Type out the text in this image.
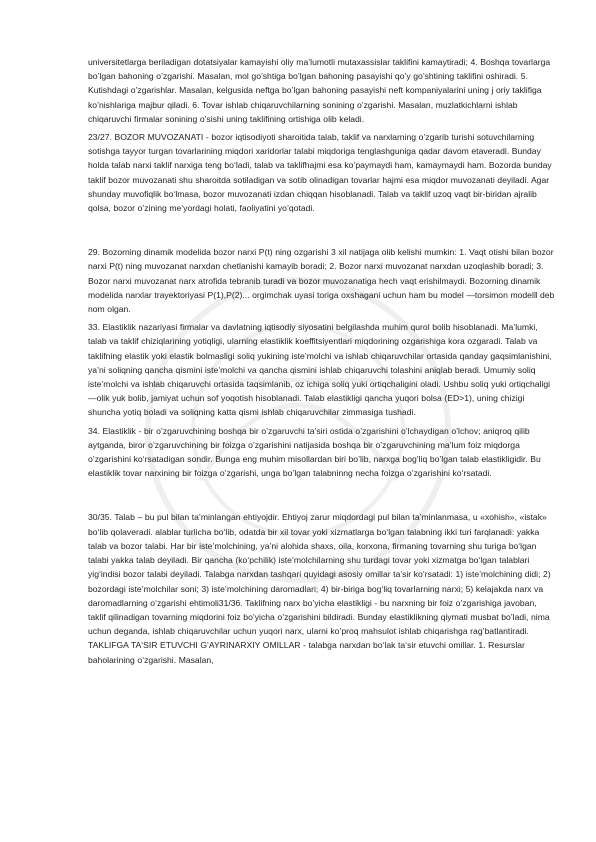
universitetlarga beriladigan dotatsiyalar kamayishi oliy ma’lumotli mutaxassislar taklifini kamaytiradi; 4. Boshqa tovarlarga bo’lgan bahoning o’zgarishi. Masalan, mol go’shtiga bo’lgan bahoning pasayishi qo’y go’shtining taklifini oshiradi. 5. Kutishdagi o’zgarishlar. Masalan, kelgusida neftga bo’lgan bahoning pasayishi neft kompaniyalarini uning j oriy taklifiga ko’nishlariga majbur qiladi. 6. Tovar ishlab chiqaruvchilarning sonining o’zgarishi. Masalan, muzlatkichlarni ishlab chiqaruvchi firmalar sonining o’sishi uning taklifining ortishiga olib keladi.

23/27. BOZOR MUVOZANATI - bozor iqtisodiyoti sharoitida talab, taklif va narxlarning o’zgarib turishi sotuvchilarning sotishga tayyor turgan tovarlarining miqdori xaridorlar talabi miqdoriga tenglashguniga qadar davom etaveradi. Bunday holda talab narxi taklif narxiga teng bo‘ladi, talab va taklifhajmi esa ko’paymaydi ham, kamaymaydi ham. Bozorda bunday taklif bozor muvozanati shu sharoitda sotiladigan va sotib olinadigan tovarlar hajmi esa miqdor muvozanati deyiladi. Agar shunday muvofiqlik bo‘lmasa, bozor muvozanati izdan chiqqan hisoblanadi. Talab va taklif uzoq vaqt bir-biridan ajralib qolsa, bozor o’zining me’yordagi holati, faoliyatini yo’qotadi.

29. Bozorning dinamik modelida bozor narxi P(t) ning ozgarishi 3 xil natijaga olib kelishi mumkin: 1. Vaqt otishi bilan bozor narxi P(t) ning muvozanat narxdan chetlanishi kamayib boradi; 2. Bozor narxi muvozanat narxdan uzoqlashib boradi; 3. Bozor narxi muvozanat narx atrofida tebranib turadi va bozor muvozanatiga hech vaqt erishilmaydi. Bozorning dinamik modelida narxlar trayektoriyasi P(1),P(2)... orgimchak uyasi toriga oxshagani uchun ham bu model —torsimon model‖ deb nom olgan.

33. Elastiklik nazariyasi firmalar va davlatning iqtisodiy siyosatini belgilashda muhim qurol bolib hisoblanadi. Ma’lumki, talab va taklif chiziqlarining yotiqligi, ularning elastiklik koeffitsiyentlari miqdorining ozgarishiga kora ozgaradi. Talab va taklifning elastik yoki elastik bolmasligi soliq yukining iste’molchi va ishlab chiqaruvchilar ortasida qanday gaqsimlanishini, ya’ni soliqning qancha qismini iste’molchi va qancha qismini ishlab chiqaruvchi tolashini aniqlab beradi. Umumiy soliq iste’molchi va ishlab chiqaruvchi ortasida taqsimlanib, oz ichiga soliq yuki ortiqchaligini oladi. Ushbu soliq yuki ortiqchaligi —olik yuk bolib, jamiyat uchun sof yoqotish hisoblanadi. Talab elastikligi qancha yuqori bolsa (ED>1), uning chizigi shuncha yotiq boladi va soliqning katta qismi ishlab chiqaruvchilar zimmasiga tushadi.

34. Elastiklik - bir o’zgaruvchining boshqa bir o’zgaruvchi ta’siri ostida o’zgarishini o’lchaydigan o’lchov; aniqroq qilib aytganda, biror o’zgaruvchining bir foizga o’zgarishini natijasida boshqa bir o’zgaruvchining ma’lum foiz miqdorga o’zgarishini ko‘rsatadigan sondir. Bunga eng muhim misollardan biri bo’lib, narxga bog’liq bo’lgan talab elastikligidir. Bu elastiklik tovar narxining bir foizga o’zgarishi, unga bo’lgan talabninng necha foizga o’zgarishini ko‘rsatadi.

30/35. Talab – bu pul bilan ta’minlangan ehtiyojdir. Ehtiyoj zarur miqdordagi pul bilan ta’minlanmasa, u «xohish», «istak» bo‘lib qolaveradi. alablar turlicha bo‘lib, odatda bir xil tovar yoki xizmatlarga bo‘lgan talabning ikki turi farqlanadi: yakka talab va bozor talabi. Har bir iste’molchining, ya’ni alohida shaxs, oila, korxona, firmaning tovarning shu turiga bo‘lgan talabi yakka talab deyiladi. Bir qancha (ko‘pchilik) iste’molchilarning shu turdagi tovar yoki xizmatga bo‘lgan talablari yig‘indisi bozor talabi deyiladi. Talabga narxdan tashqari quyidagi asosiy omillar ta’sir ko‘rsatadi: 1) iste’molchining didi; 2) bozordagi iste’molchilar soni; 3) iste’molchining daromadlari; 4) bir-biriga bog‘liq tovarlarning narxi; 5) kelajakda narx va daromadlarning o‘zgarishi ehtimoli31/36. Taklifning narx bo’yicha elastikligi - bu narxning bir foiz o’zgarishiga javoban, taklif qilinadigan tovarning miqdorini foiz bo’yicha o’zgarishini bildiradi. Bunday elastiklikning qiymati musbat bo’ladi, nima uchun deganda, ishlab chiqaruvchilar uchun yuqori narx, ularni ko’proq mahsulot ishlab chiqarishga rag’batlantiradi. TAKLIFGA TA‘SIR ETUVCHI G‘AYRINARXIY OMILLAR - talabga narxdan bo‘lak ta‘sir etuvchi omillar. 1. Resurslar baholarining o‘zgarishi. Masalan,
